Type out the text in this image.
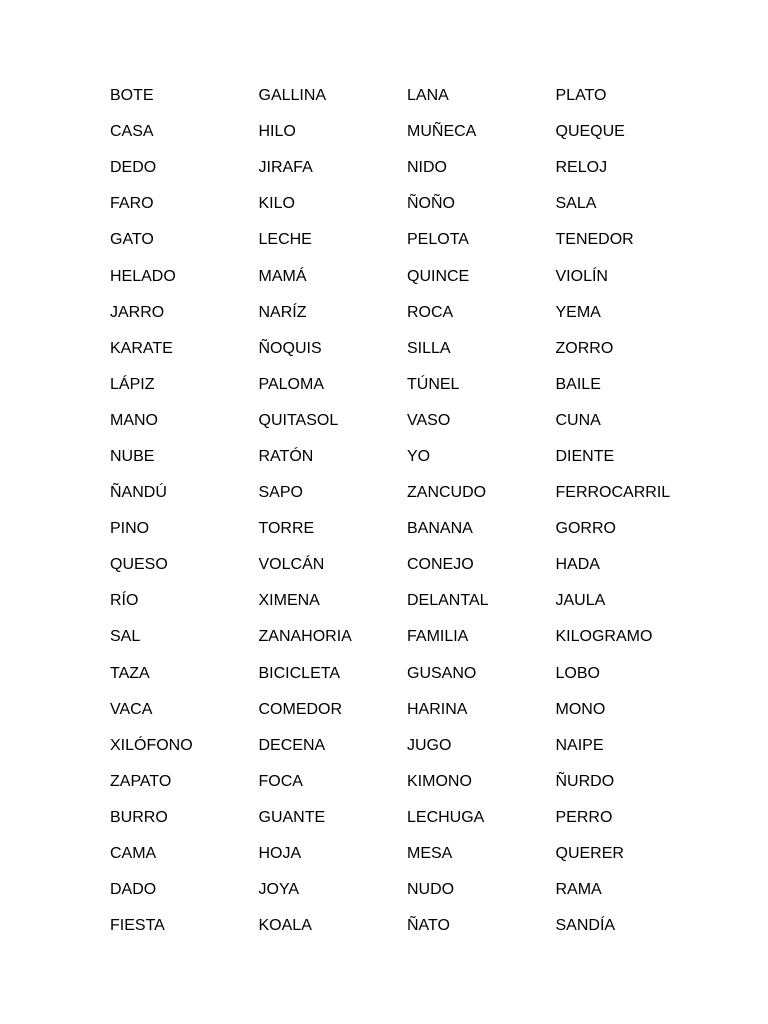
BOTE	GALLINA	LANA	PLATO
CASA	HILO	MUÑECA	QUEQUE
DEDO	JIRAFA	NIDO	RELOJ
FARO	KILO	ÑOÑO	SALA
GATO	LECHE	PELOTA	TENEDOR
HELADO	MAMÁ	QUINCE	VIOLÍN
JARRO	NARÍZ	ROCA	YEMA
KARATE	ÑOQUIS	SILLA	ZORRO
LÁPIZ	PALOMA	TÚNEL	BAILE
MANO	QUITASOL	VASO	CUNA
NUBE	RATÓN	YO	DIENTE
ÑANDÚ	SAPO	ZANCUDO	FERROCARRIL
PINO	TORRE	BANANA	GORRO
QUESO	VOLCÁN	CONEJO	HADA
RÍO	XIMENA	DELANTAL	JAULA
SAL	ZANAHORIA	FAMILIA	KILOGRAMO
TAZA	BICICLETA	GUSANO	LOBO
VACA	COMEDOR	HARINA	MONO
XILÓFONO	DECENA	JUGO	NAIPE
ZAPATO	FOCA	KIMONO	ÑURDO
BURRO	GUANTE	LECHUGA	PERRO
CAMA	HOJA	MESA	QUERER
DADO	JOYA	NUDO	RAMA
FIESTA	KOALA	ÑATO	SANDÍA
